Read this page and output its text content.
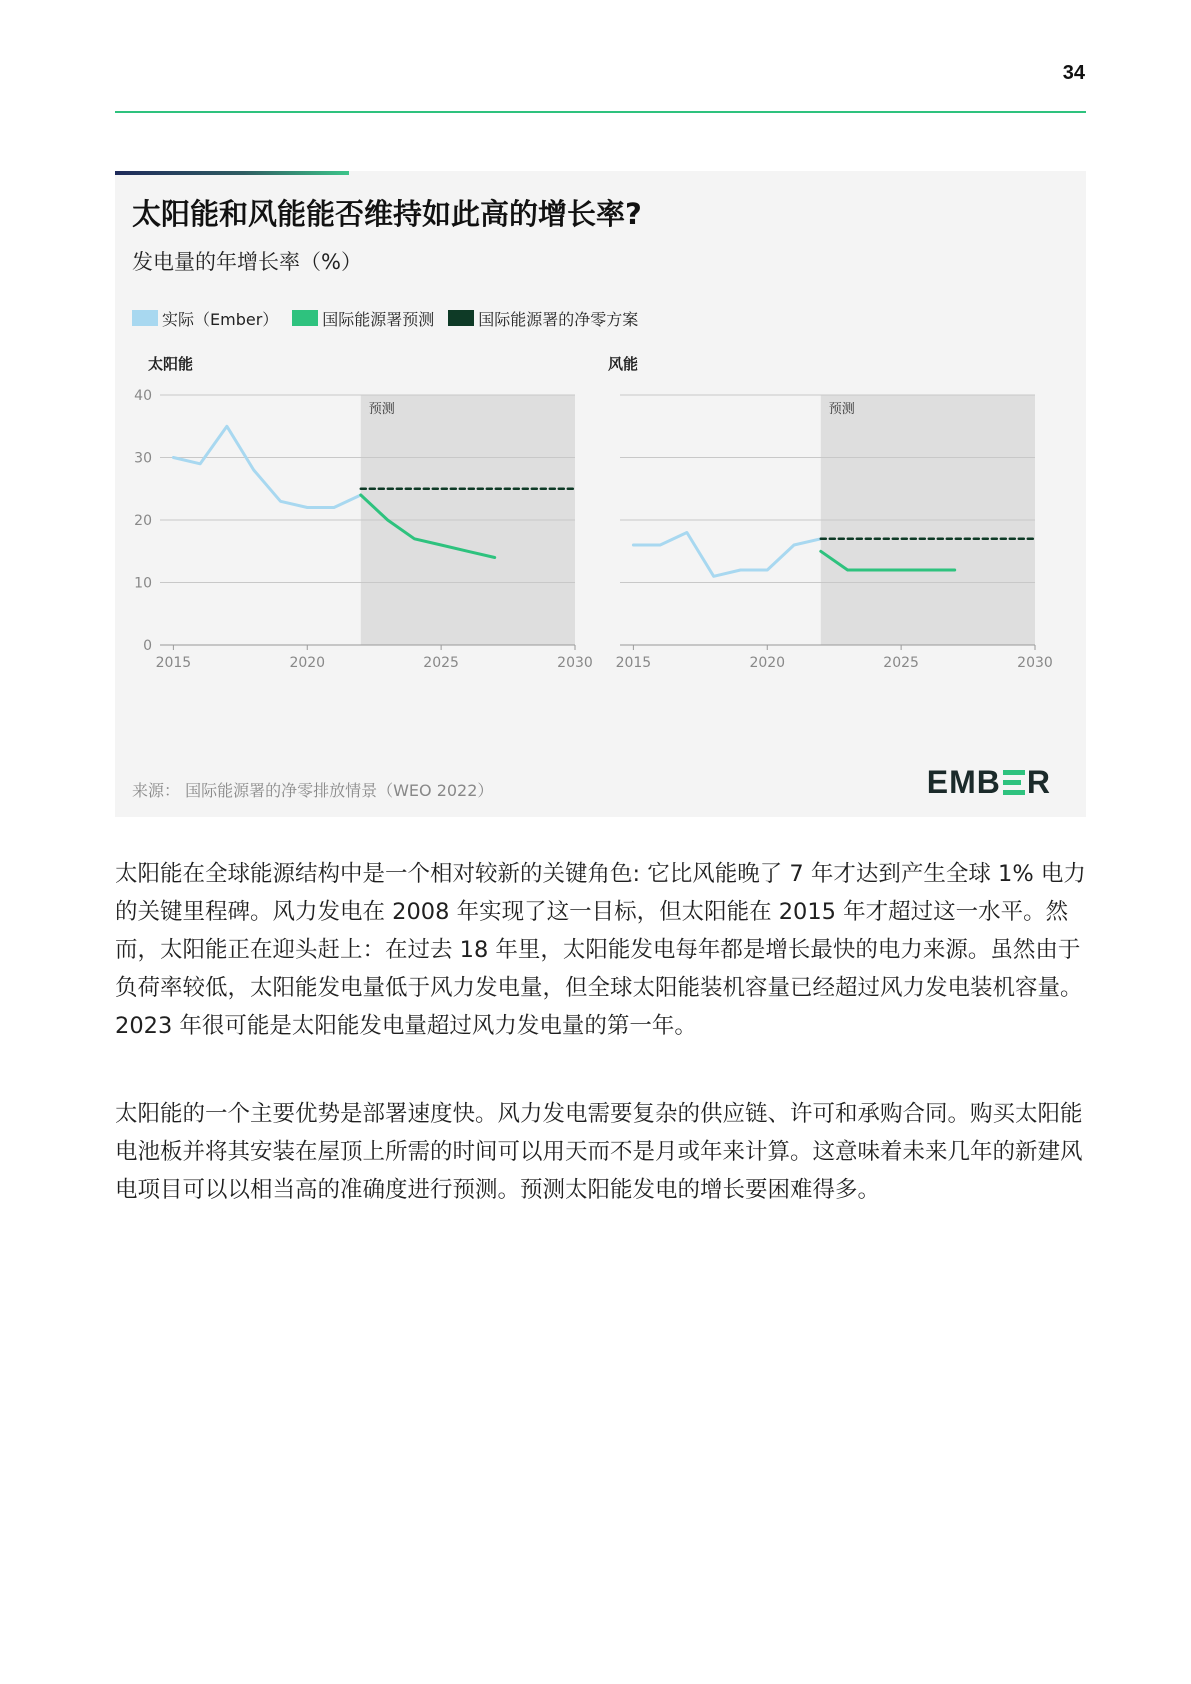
34
太阳能和风能能否维持如此高的增长率?
发电量的年增长率（%）
实际（Ember）	国际能源署预测	国际能源署的净零方案
太阳能
预测
0
10
20
30
40
2015	2020	2025	2030
风能
预测
2015	2020	2025	2030
来源： 国际能源署的净零排放情景（WEO 2022）	EMB R

太阳能在全球能源结构中是一个相对较新的关键角色: 它比风能晚了 7 年才达到产生全球 1% 电力的关键里程碑。风力发电在 2008 年实现了这一目标，但太阳能在 2015 年才超过这一水平。然而，太阳能正在迎头赶上：在过去 18 年里，太阳能发电每年都是增长最快的电力来源。虽然由于负荷率较低，太阳能发电量低于风力发电量，但全球太阳能装机容量已经超过风力发电装机容量。2023 年很可能是太阳能发电量超过风力发电量的第一年。

太阳能的一个主要优势是部署速度快。风力发电需要复杂的供应链、许可和承购合同。购买太阳能电池板并将其安装在屋顶上所需的时间可以用天而不是月或年来计算。这意味着未来几年的新建风电项目可以以相当高的准确度进行预测。预测太阳能发电的增长要困难得多。
